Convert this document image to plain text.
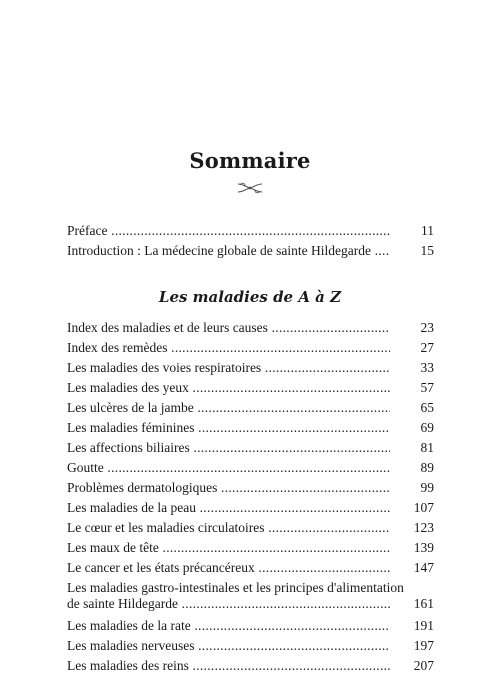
Sommaire
Préface .....	11
Introduction : La médecine globale de sainte Hildegarde .....	15
Les maladies de A à Z
Index des maladies et de leurs causes .....	23
Index des remèdes .....	27
Les maladies des voies respiratoires .....	33
Les maladies des yeux .....	57
Les ulcères de la jambe .....	65
Les maladies féminines .....	69
Les affections biliaires .....	81
Goutte .....	89
Problèmes dermatologiques .....	99
Les maladies de la peau .....	107
Le cœur et les maladies circulatoires .....	123
Les maux de tête .....	139
Le cancer et les états précancéreux .....	147
Les maladies gastro-intestinales et les principes d'alimentation
de sainte Hildegarde .....	161
Les maladies de la rate .....	191
Les maladies nerveuses .....	197
Les maladies des reins .....	207
